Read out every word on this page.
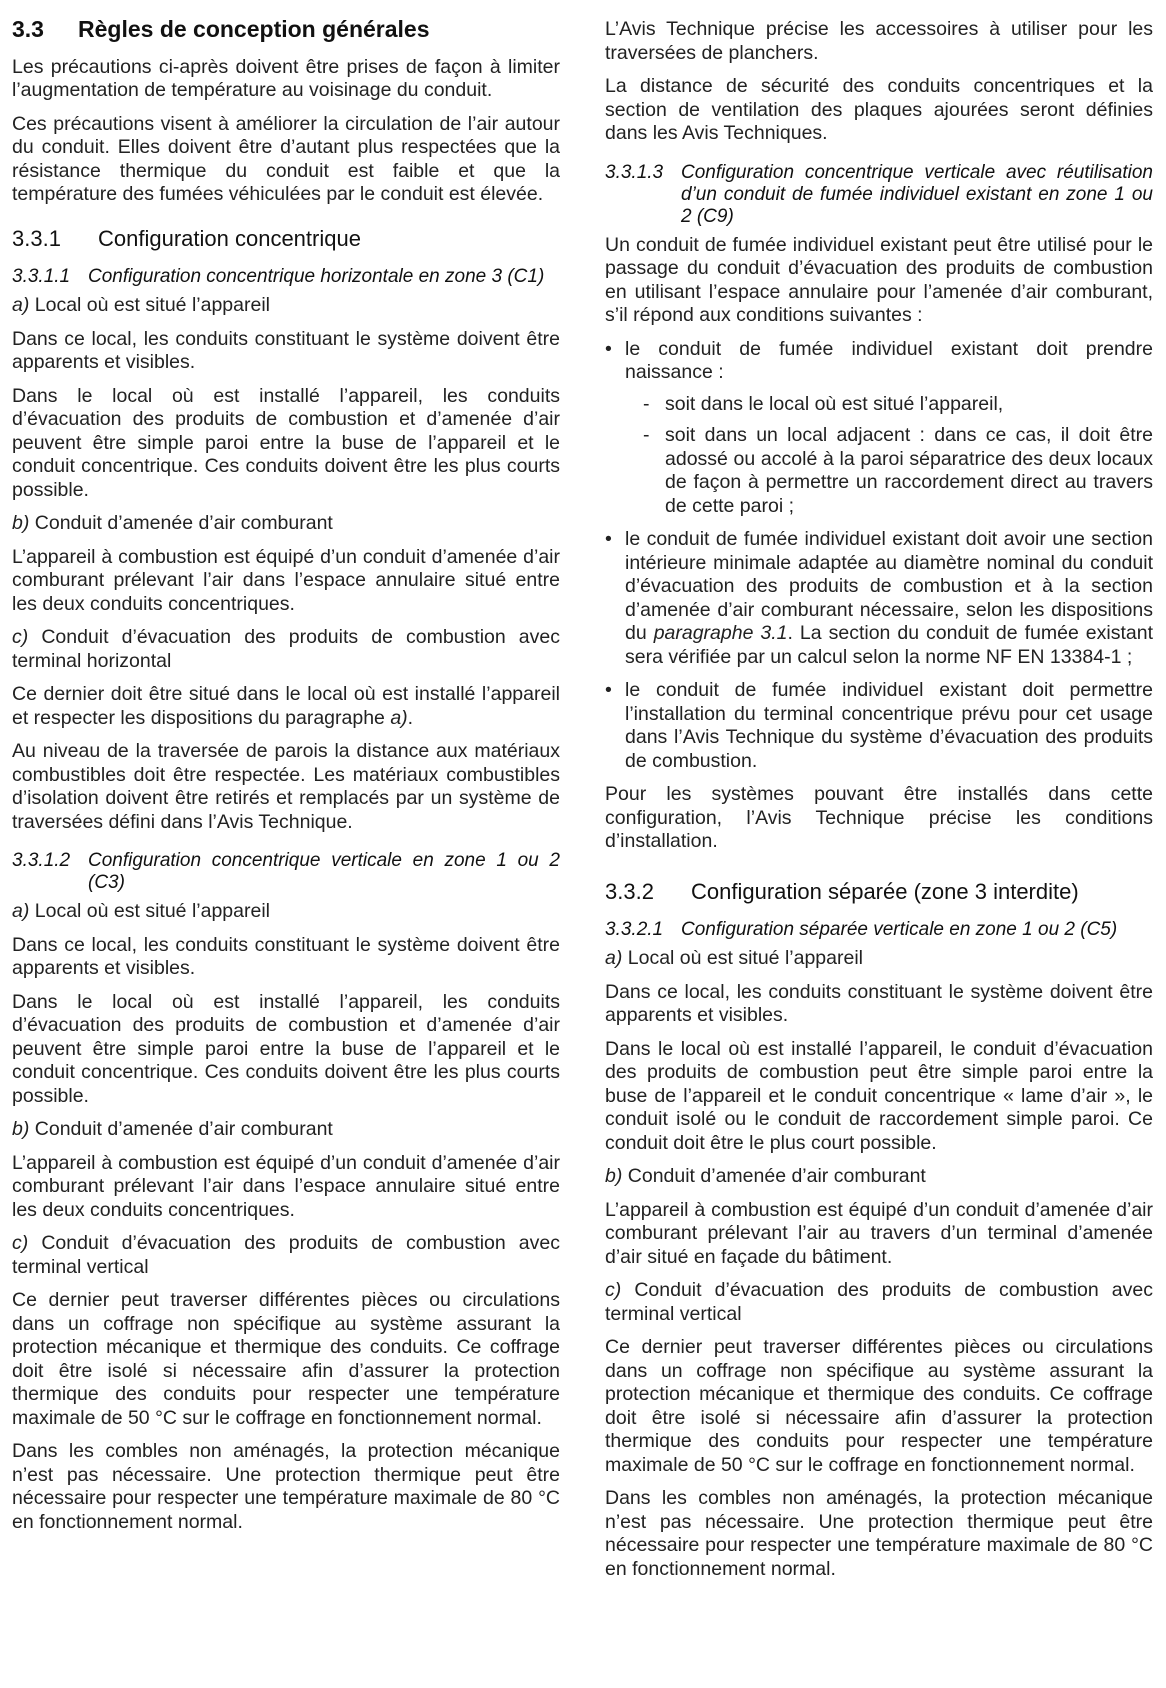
3.3 Règles de conception générales

Les précautions ci-après doivent être prises de façon à limiter l’augmentation de température au voisinage du conduit.

Ces précautions visent à améliorer la circulation de l’air autour du conduit. Elles doivent être d’autant plus respectées que la résistance thermique du conduit est faible et que la température des fumées véhiculées par le conduit est élevée.

3.3.1 Configuration concentrique
3.3.1.1 Configuration concentrique horizontale en zone 3 (C1)

a) Local où est situé l’appareil

Dans ce local, les conduits constituant le système doivent être apparents et visibles.

Dans le local où est installé l’appareil, les conduits d’évacuation des produits de combustion et d’amenée d’air peuvent être simple paroi entre la buse de l’appareil et le conduit concentrique. Ces conduits doivent être les plus courts possible.

b) Conduit d’amenée d’air comburant

L’appareil à combustion est équipé d’un conduit d’amenée d’air comburant prélevant l’air dans l’espace annulaire situé entre les deux conduits concentriques.

c) Conduit d’évacuation des produits de combustion avec terminal horizontal

Ce dernier doit être situé dans le local où est installé l’appareil et respecter les dispositions du paragraphe a).

Au niveau de la traversée de parois la distance aux matériaux combustibles doit être respectée. Les matériaux combustibles d’isolation doivent être retirés et remplacés par un système de traversées défini dans l’Avis Technique.

3.3.1.2 Configuration concentrique verticale en zone 1 ou 2 (C3)

a) Local où est situé l’appareil

Dans ce local, les conduits constituant le système doivent être apparents et visibles.

Dans le local où est installé l’appareil, les conduits d’évacuation des produits de combustion et d’amenée d’air peuvent être simple paroi entre la buse de l’appareil et le conduit concentrique. Ces conduits doivent être les plus courts possible.

b) Conduit d’amenée d’air comburant

L’appareil à combustion est équipé d’un conduit d’amenée d’air comburant prélevant l’air dans l’espace annulaire situé entre les deux conduits concentriques.

c) Conduit d’évacuation des produits de combustion avec terminal vertical

Ce dernier peut traverser différentes pièces ou circulations dans un coffrage non spécifique au système assurant la protection mécanique et thermique des conduits. Ce coffrage doit être isolé si nécessaire afin d’assurer la protection thermique des conduits pour respecter une température maximale de 50 °C sur le coffrage en fonctionnement normal.

Dans les combles non aménagés, la protection mécanique n’est pas nécessaire. Une protection thermique peut être nécessaire pour respecter une température maximale de 80 °C en fonctionnement normal.

L’Avis Technique précise les accessoires à utiliser pour les traversées de planchers.

La distance de sécurité des conduits concentriques et la section de ventilation des plaques ajourées seront définies dans les Avis Techniques.

3.3.1.3 Configuration concentrique verticale avec réutilisation d’un conduit de fumée individuel existant en zone 1 ou 2 (C9)

Un conduit de fumée individuel existant peut être utilisé pour le passage du conduit d’évacuation des produits de combustion en utilisant l’espace annulaire pour l’amenée d’air comburant, s’il répond aux conditions suivantes :

• le conduit de fumée individuel existant doit prendre naissance :
- soit dans le local où est situé l’appareil,
- soit dans un local adjacent : dans ce cas, il doit être adossé ou accolé à la paroi séparatrice des deux locaux de façon à permettre un raccordement direct au travers de cette paroi ;
• le conduit de fumée individuel existant doit avoir une section intérieure minimale adaptée au diamètre nominal du conduit d’évacuation des produits de combustion et à la section d’amenée d’air comburant nécessaire, selon les dispositions du paragraphe 3.1. La section du conduit de fumée existant sera vérifiée par un calcul selon la norme NF EN 13384-1 ;
• le conduit de fumée individuel existant doit permettre l’installation du terminal concentrique prévu pour cet usage dans l’Avis Technique du système d’évacuation des produits de combustion.

Pour les systèmes pouvant être installés dans cette configuration, l’Avis Technique précise les conditions d’installation.

3.3.2 Configuration séparée (zone 3 interdite)
3.3.2.1 Configuration séparée verticale en zone 1 ou 2 (C5)

a) Local où est situé l’appareil

Dans ce local, les conduits constituant le système doivent être apparents et visibles.

Dans le local où est installé l’appareil, le conduit d’évacuation des produits de combustion peut être simple paroi entre la buse de l’appareil et le conduit concentrique « lame d’air », le conduit isolé ou le conduit de raccordement simple paroi. Ce conduit doit être le plus court possible.

b) Conduit d’amenée d’air comburant

L’appareil à combustion est équipé d’un conduit d’amenée d’air comburant prélevant l’air au travers d’un terminal d’amenée d’air situé en façade du bâtiment.

c) Conduit d’évacuation des produits de combustion avec terminal vertical

Ce dernier peut traverser différentes pièces ou circulations dans un coffrage non spécifique au système assurant la protection mécanique et thermique des conduits. Ce coffrage doit être isolé si nécessaire afin d’assurer la protection thermique des conduits pour respecter une température maximale de 50 °C sur le coffrage en fonctionnement normal.

Dans les combles non aménagés, la protection mécanique n’est pas nécessaire. Une protection thermique peut être nécessaire pour respecter une température maximale de 80 °C en fonctionnement normal.
